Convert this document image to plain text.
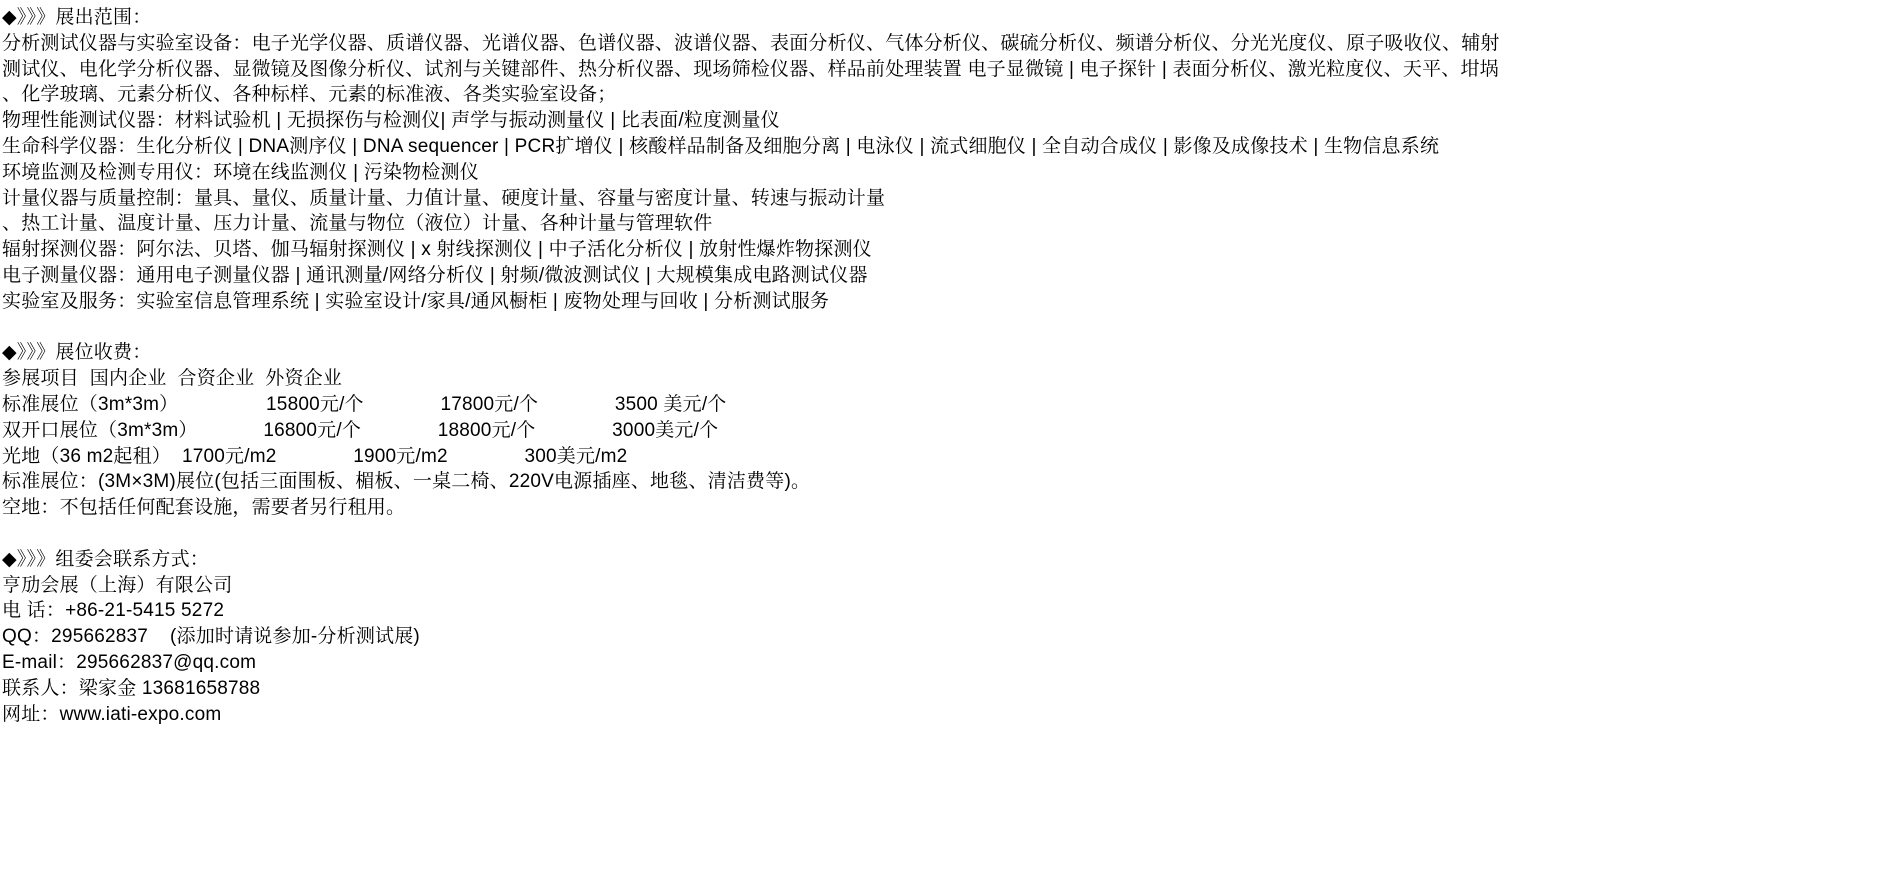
◆》》》展出范围：
分析测试仪器与实验室设备：电子光学仪器、质谱仪器、光谱仪器、色谱仪器、波谱仪器、表面分析仪、气体分析仪、碳硫分析仪、频谱分析仪、分光光度仪、原子吸收仪、辅射
测试仪、电化学分析仪器、显微镜及图像分析仪、试剂与关键部件、热分析仪器、现场筛检仪器、样品前处理装置 电子显微镜 | 电子探针 | 表面分析仪、激光粒度仪、天平、坩埚
、化学玻璃、元素分析仪、各种标样、元素的标准液、各类实验室设备；
物理性能测试仪器：材料试验机 | 无损探伤与检测仪| 声学与振动测量仪 | 比表面/粒度测量仪
生命科学仪器：生化分析仪 | DNA测序仪 | DNA sequencer | PCR扩增仪 | 核酸样品制备及细胞分离 | 电泳仪 | 流式细胞仪 | 全自动合成仪 | 影像及成像技术 | 生物信息系统
环境监测及检测专用仪：环境在线监测仪 | 污染物检测仪
计量仪器与质量控制：量具、量仪、质量计量、力值计量、硬度计量、容量与密度计量、转速与振动计量
、热工计量、温度计量、压力计量、流量与物位（液位）计量、各种计量与管理软件
辐射探测仪器：阿尔法、贝塔、伽马辐射探测仪 | x 射线探测仪 | 中子活化分析仪 | 放射性爆炸物探测仪
电子测量仪器：通用电子测量仪器 | 通讯测量/网络分析仪 | 射频/微波测试仪 | 大规模集成电路测试仪器
实验室及服务：实验室信息管理系统 | 实验室设计/家具/通风橱柜 | 废物处理与回收 | 分析测试服务
◆》》》展位收费：
参展项目  国内企业  合资企业  外资企业
标准展位（3m*3m）                15800元/个              17800元/个              3500 美元/个
双开口展位（3m*3m）            16800元/个              18800元/个              3000美元/个
光地（36 m2起租）  1700元/m2              1900元/m2              300美元/m2
标准展位：(3M×3M)展位(包括三面围板、楣板、一桌二椅、220V电源插座、地毯、清洁费等)。
空地：不包括任何配套设施，需要者另行租用。
◆》》》组委会联系方式：
亨劢会展（上海）有限公司
电 话：+86-21-5415 5272
QQ：295662837    (添加时请说参加-分析测试展)
E-mail：295662837@qq.com
联系人：梁家金 13681658788
网址：www.iati-expo.com
